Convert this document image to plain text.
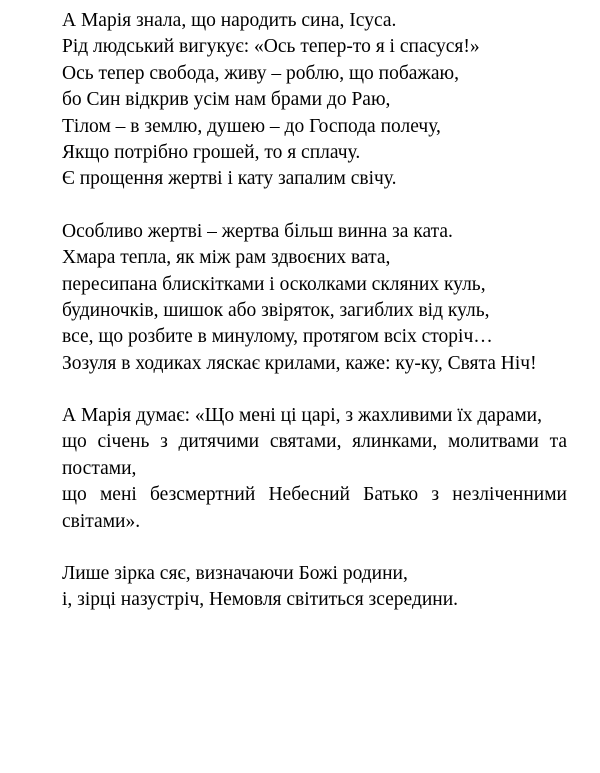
А Марія знала, що народить сина, Ісуса.
Рід людський вигукує: «Ось тепер-то я і спасуся!»
Ось тепер свобода, живу – роблю, що побажаю,
бо Син відкрив усім нам брами до Раю,
Тілом – в землю, душею – до Господа полечу,
Якщо потрібно грошей, то я сплачу.
Є прощення жертві і кату запалим свічу.
Особливо жертві – жертва більш винна за ката.
Хмара тепла, як між рам здвоєних вата,
пересипана блискітками і осколками скляних куль,
будиночків, шишок або звіряток, загиблих від куль,
все, що розбите в минулому, протягом всіх сторіч…
Зозуля в ходиках ляскає крилами, каже: ку-ку, Свята Ніч!
А Марія думає: «Що мені ці царі, з жахливими їх дарами,
що січень з дитячими святами, ялинками, молитвами та постами,
що мені безсмертний Небесний Батько з незліченними світами».
Лише зірка сяє, визначаючи Божі родини,
і, зірці назустріч, Немовля світиться зсередини.
